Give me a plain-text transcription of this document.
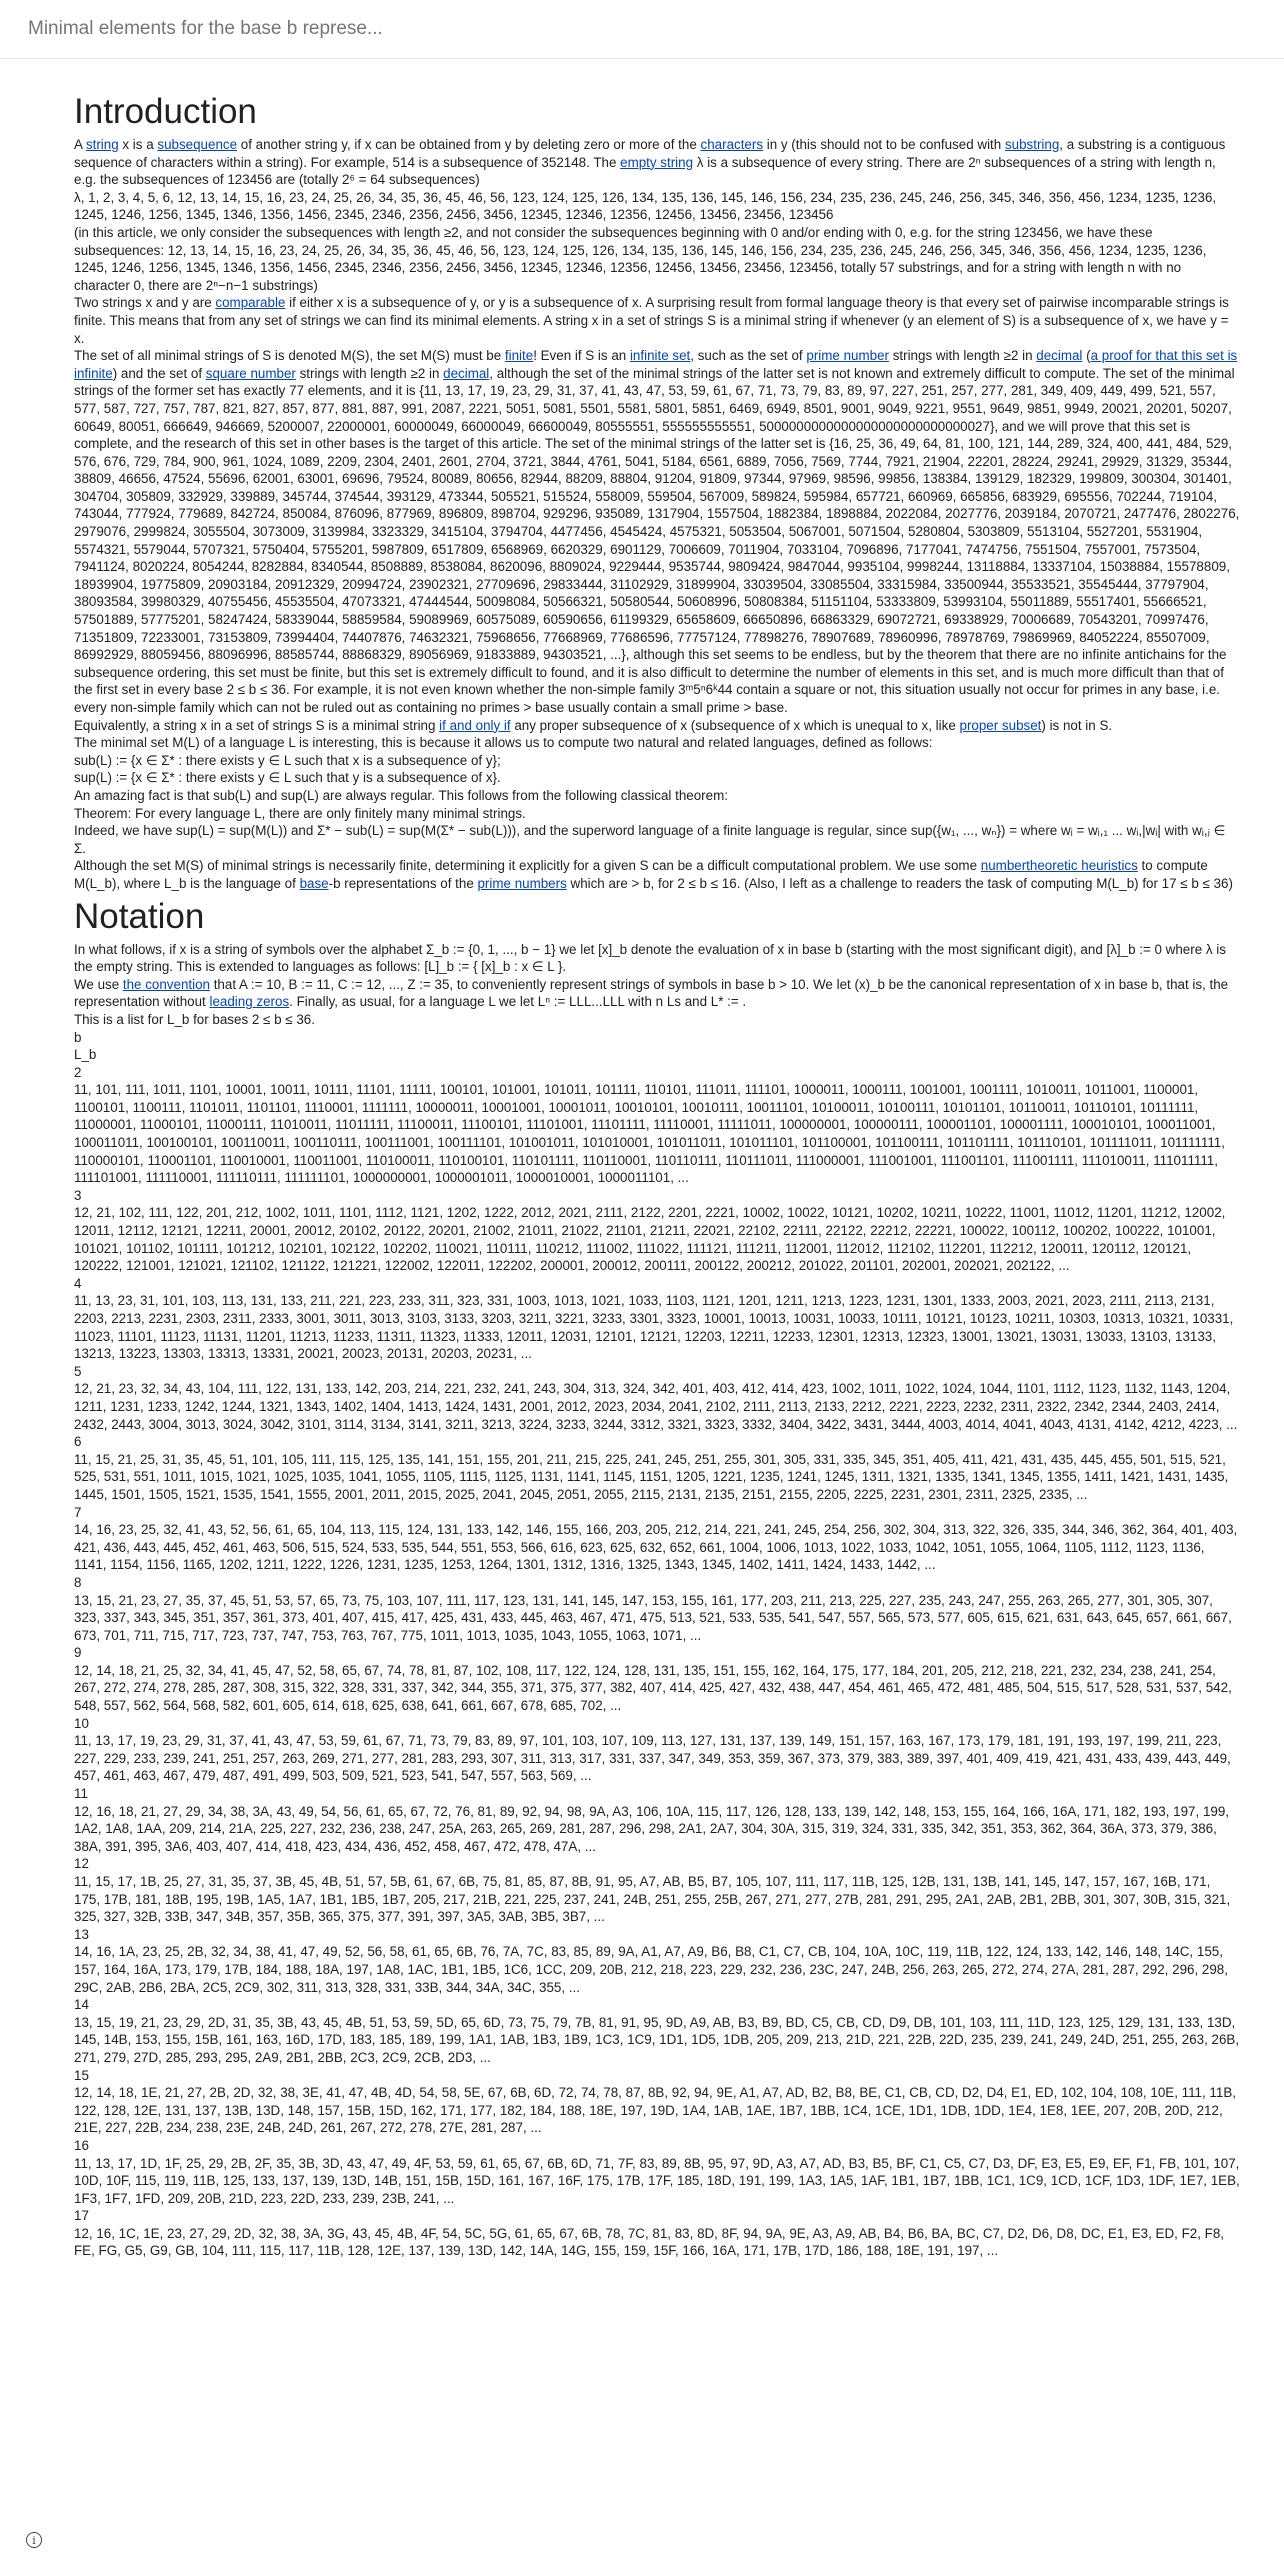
Minimal elements for the base b represe...
Introduction

A string x is a subsequence of another string y, if x can be obtained from y by deleting zero or more of the characters in y (this should not to be confused with substring, a substring is a contiguous sequence of characters within a string). For example, 514 is a subsequence of 352148. The empty string λ is a subsequence of every string. There are 2ⁿ subsequences of a string with length n, e.g. the subsequences of 123456 are (totally 2⁶ = 64 subsequences)

λ, 1, 2, 3, 4, 5, 6, 12, 13, 14, 15, 16, 23, 24, 25, 26, 34, 35, 36, 45, 46, 56, 123, 124, 125, 126, 134, 135, 136, 145, 146, 156, 234, 235, 236, 245, 246, 256, 345, 346, 356, 456, 1234, 1235, 1236, 1245, 1246, 1256, 1345, 1346, 1356, 1456, 2345, 2346, 2356, 2456, 3456, 12345, 12346, 12356, 12456, 13456, 23456, 123456

(in this article, we only consider the subsequences with length ≥2, and not consider the subsequences beginning with 0 and/or ending with 0, e.g. for the string 123456, we have these subsequences: 12, 13, 14, 15, 16, 23, 24, 25, 26, 34, 35, 36, 45, 46, 56, 123, 124, 125, 126, 134, 135, 136, 145, 146, 156, 234, 235, 236, 245, 246, 256, 345, 346, 356, 456, 1234, 1235, 1236, 1245, 1246, 1256, 1345, 1346, 1356, 1456, 2345, 2346, 2356, 2456, 3456, 12345, 12346, 12356, 12456, 13456, 23456, 123456, totally 57 substrings, and for a string with length n with no character 0, there are 2ⁿ−n−1 substrings)

Two strings x and y are comparable if either x is a subsequence of y, or y is a subsequence of x. A surprising result from formal language theory is that every set of pairwise incomparable strings is finite. This means that from any set of strings we can find its minimal elements. A string x in a set of strings S is a minimal string if whenever (y an element of S) is a subsequence of x, we have y = x.

The set of all minimal strings of S is denoted M(S), the set M(S) must be finite! Even if S is an infinite set, such as the set of prime number strings with length ≥2 in decimal (a proof for that this set is infinite) and the set of square number strings with length ≥2 in decimal, although the set of the minimal strings of the latter set is not known and extremely difficult to compute. The set of the minimal strings of the former set has exactly 77 elements, and it is {11, 13, 17, 19, 23, 29, 31, 37, 41, 43, 47, 53, 59, 61, 67, 71, 73, 79, 83, 89, 97, 227, 251, 257, 277, 281, 349, 409, 449, 499, 521, 557, 577, 587, 727, 757, 787, 821, 827, 857, 877, 881, 887, 991, 2087, 2221, 5051, 5081, 5501, 5581, 5801, 5851, 6469, 6949, 8501, 9001, 9049, 9221, 9551, 9649, 9851, 9949, 20021, 20201, 50207, 60649, 80051, 666649, 946669, 5200007, 22000001, 60000049, 66000049, 66600049, 80555551, 555555555551, 5000000000000000000000000000027}, and we will prove that this set is complete, and the research of this set in other bases is the target of this article. The set of the minimal strings of the latter set is {16, 25, 36, 49, 64, 81, 100, 121, 144, 289, 324, 400, 441, 484, 529, 576, 676, 729, 784, 900, 961, 1024, 1089, 2209, 2304, 2401, 2601, 2704, 3721, 3844, 4761, 5041, 5184, 6561, 6889, 7056, 7569, 7744, 7921, 21904, 22201, 28224, 29241, 29929, 31329, 35344, 38809, 46656, 47524, 55696, 62001, 63001, 69696, 79524, 80089, 80656, 82944, 88209, 88804, 91204, 91809, 97344, 97969, 98596, 99856, 138384, 139129, 182329, 199809, 300304, 301401, 304704, 305809, 332929, 339889, 345744, 374544, 393129, 473344, 505521, 515524, 558009, 559504, 567009, 589824, 595984, 657721, 660969, 665856, 683929, 695556, 702244, 719104, 743044, 777924, 779689, 842724, 850084, 876096, 877969, 896809, 898704, 929296, 935089, 1317904, 1557504, 1882384, 1898884, 2022084, 2027776, 2039184, 2070721, 2477476, 2802276, 2979076, 2999824, 3055504, 3073009, 3139984, 3323329, 3415104, 3794704, 4477456, 4545424, 4575321, 5053504, 5067001, 5071504, 5280804, 5303809, 5513104, 5527201, 5531904, 5574321, 5579044, 5707321, 5750404, 5755201, 5987809, 6517809, 6568969, 6620329, 6901129, 7006609, 7011904, 7033104, 7096896, 7177041, 7474756, 7551504, 7557001, 7573504, 7941124, 8020224, 8054244, 8282884, 8340544, 8508889, 8538084, 8620096, 8809024, 9229444, 9535744, 9809424, 9847044, 9935104, 9998244, 13118884, 13337104, 15038884, 15578809, 18939904, 19775809, 20903184, 20912329, 20994724, 23902321, 27709696, 29833444, 31102929, 31899904, 33039504, 33085504, 33315984, 33500944, 35533521, 35545444, 37797904, 38093584, 39980329, 40755456, 45535504, 47073321, 47444544, 50098084, 50566321, 50580544, 50608996, 50808384, 51151104, 53333809, 53993104, 55011889, 55517401, 55666521, 57501889, 57775201, 58247424, 58339044, 58859584, 59089969, 60575089, 60590656, 61199329, 65658609, 66650896, 66863329, 69072721, 69338929, 70006689, 70543201, 70997476, 71351809, 72233001, 73153809, 73994404, 74407876, 74632321, 75968656, 77668969, 77686596, 77757124, 77898276, 78907689, 78960996, 78978769, 79869969, 84052224, 85507009, 86992929, 88059456, 88096996, 88585744, 88868329, 89056969, 91833889, 94303521, ...}, although this set seems to be endless, but by the theorem that there are no infinite antichains for the subsequence ordering, this set must be finite, but this set is extremely difficult to found, and it is also difficult to determine the number of elements in this set, and is much more difficult than that of the first set in every base 2 ≤ b ≤ 36. For example, it is not even known whether the non-simple family 3ᵐ5ⁿ6ᵏ44 contain a square or not, this situation usually not occur for primes in any base, i.e. every non-simple family which can not be ruled out as containing no primes > base usually contain a small prime > base.

Equivalently, a string x in a set of strings S is a minimal string if and only if any proper subsequence of x (subsequence of x which is unequal to x, like proper subset) is not in S.

The minimal set M(L) of a language L is interesting, this is because it allows us to compute two natural and related languages, defined as follows:

sub(L) := {x ∈ Σ* : there exists y ∈ L such that x is a subsequence of y};

sup(L) := {x ∈ Σ* : there exists y ∈ L such that y is a subsequence of x}.

An amazing fact is that sub(L) and sup(L) are always regular. This follows from the following classical theorem:

Theorem: For every language L, there are only finitely many minimal strings.

Indeed, we have sup(L) = sup(M(L)) and Σ* − sub(L) = sup(M(Σ* − sub(L))), and the superword language of a finite language is regular, since sup({w₁, ..., wₙ}) = where wᵢ = wᵢ,₁ ... wᵢ,|wᵢ| with wᵢ,ⱼ ∈ Σ.

Although the set M(S) of minimal strings is necessarily finite, determining it explicitly for a given S can be a difficult computational problem. We use some numbertheoretic heuristics to compute M(L_b), where L_b is the language of base-b representations of the prime numbers which are > b, for 2 ≤ b ≤ 16. (Also, I left as a challenge to readers the task of computing M(L_b) for 17 ≤ b ≤ 36)

Notation

In what follows, if x is a string of symbols over the alphabet Σ_b := {0, 1, ..., b − 1} we let [x]_b denote the evaluation of x in base b (starting with the most significant digit), and [λ]_b := 0 where λ is the empty string. This is extended to languages as follows: [L]_b := { [x]_b : x ∈ L }.

We use the convention that A := 10, B := 11, C := 12, ..., Z := 35, to conveniently represent strings of symbols in base b > 10. We let (x)_b be the canonical representation of x in base b, that is, the representation without leading zeros. Finally, as usual, for a language L we let Lⁿ := LLL...LLL with n Ls and L* := .

This is a list for L_b for bases 2 ≤ b ≤ 36.

b
L_b
2
11, 101, 111, 1011, 1101, 10001, 10011, 10111, 11101, 11111, 100101, 101001, 101011, 101111, 110101, 111011, 111101, 1000011, 1000111, 1001001, 1001111, 1010011, 1011001, 1100001, 1100101, 1100111, 1101011, 1101101, 1110001, 1111111, 10000011, 10001001, 10001011, 10010101, 10010111, 10011101, 10100011, 10100111, 10101101, 10110011, 10110101, 10111111, 11000001, 11000101, 11000111, 11010011, 11011111, 11100011, 11100101, 11101001, 11101111, 11110001, 11111011, 100000001, 100000111, 100001101, 100001111, 100010101, 100011001, 100011011, 100100101, 100110011, 100110111, 100111001, 100111101, 101001011, 101010001, 101011011, 101011101, 101100001, 101100111, 101101111, 101110101, 101111011, 101111111, 110000101, 110001101, 110010001, 110011001, 110100011, 110100101, 110101111, 110110001, 110110111, 110111011, 111000001, 111001001, 111001101, 111001111, 111010011, 111011111, 111101001, 111110001, 111110111, 111111101, 1000000001, 1000001011, 1000010001, 1000011101, ...
3
12, 21, 102, 111, 122, 201, 212, 1002, 1011, 1101, 1112, 1121, 1202, 1222, 2012, 2021, 2111, 2122, 2201, 2221, 10002, 10022, 10121, 10202, 10211, 10222, 11001, 11012, 11201, 11212, 12002, 12011, 12112, 12121, 12211, 20001, 20012, 20102, 20122, 20201, 21002, 21011, 21022, 21101, 21211, 22021, 22102, 22111, 22122, 22212, 22221, 100022, 100112, 100202, 100222, 101001, 101021, 101102, 101111, 101212, 102101, 102122, 102202, 110021, 110111, 110212, 111002, 111022, 111121, 111211, 112001, 112012, 112102, 112201, 112212, 120011, 120112, 120121, 120222, 121001, 121021, 121102, 121122, 121221, 122002, 122011, 122202, 200001, 200012, 200111, 200122, 200212, 201022, 201101, 202001, 202021, 202122, ...
4
11, 13, 23, 31, 101, 103, 113, 131, 133, 211, 221, 223, 233, 311, 323, 331, 1003, 1013, 1021, 1033, 1103, 1121, 1201, 1211, 1213, 1223, 1231, 1301, 1333, 2003, 2021, 2023, 2111, 2113, 2131, 2203, 2213, 2231, 2303, 2311, 2333, 3001, 3011, 3013, 3103, 3133, 3203, 3211, 3221, 3233, 3301, 3323, 10001, 10013, 10031, 10033, 10111, 10121, 10123, 10211, 10303, 10313, 10321, 10331, 11023, 11101, 11123, 11131, 11201, 11213, 11233, 11311, 11323, 11333, 12011, 12031, 12101, 12121, 12203, 12211, 12233, 12301, 12313, 12323, 13001, 13021, 13031, 13033, 13103, 13133, 13213, 13223, 13303, 13313, 13331, 20021, 20023, 20131, 20203, 20231, ...
5
12, 21, 23, 32, 34, 43, 104, 111, 122, 131, 133, 142, 203, 214, 221, 232, 241, 243, 304, 313, 324, 342, 401, 403, 412, 414, 423, 1002, 1011, 1022, 1024, 1044, 1101, 1112, 1123, 1132, 1143, 1204, 1211, 1231, 1233, 1242, 1244, 1321, 1343, 1402, 1404, 1413, 1424, 1431, 2001, 2012, 2023, 2034, 2041, 2102, 2111, 2113, 2133, 2212, 2221, 2223, 2232, 2311, 2322, 2342, 2344, 2403, 2414, 2432, 2443, 3004, 3013, 3024, 3042, 3101, 3114, 3134, 3141, 3211, 3213, 3224, 3233, 3244, 3312, 3321, 3323, 3332, 3404, 3422, 3431, 3444, 4003, 4014, 4041, 4043, 4131, 4142, 4212, 4223, ...
6
11, 15, 21, 25, 31, 35, 45, 51, 101, 105, 111, 115, 125, 135, 141, 151, 155, 201, 211, 215, 225, 241, 245, 251, 255, 301, 305, 331, 335, 345, 351, 405, 411, 421, 431, 435, 445, 455, 501, 515, 521, 525, 531, 551, 1011, 1015, 1021, 1025, 1035, 1041, 1055, 1105, 1115, 1125, 1131, 1141, 1145, 1151, 1205, 1221, 1235, 1241, 1245, 1311, 1321, 1335, 1341, 1345, 1355, 1411, 1421, 1431, 1435, 1445, 1501, 1505, 1521, 1535, 1541, 1555, 2001, 2011, 2015, 2025, 2041, 2045, 2051, 2055, 2115, 2131, 2135, 2151, 2155, 2205, 2225, 2231, 2301, 2311, 2325, 2335, ...
7
14, 16, 23, 25, 32, 41, 43, 52, 56, 61, 65, 104, 113, 115, 124, 131, 133, 142, 146, 155, 166, 203, 205, 212, 214, 221, 241, 245, 254, 256, 302, 304, 313, 322, 326, 335, 344, 346, 362, 364, 401, 403, 421, 436, 443, 445, 452, 461, 463, 506, 515, 524, 533, 535, 544, 551, 553, 566, 616, 623, 625, 632, 652, 661, 1004, 1006, 1013, 1022, 1033, 1042, 1051, 1055, 1064, 1105, 1112, 1123, 1136, 1141, 1154, 1156, 1165, 1202, 1211, 1222, 1226, 1231, 1235, 1253, 1264, 1301, 1312, 1316, 1325, 1343, 1345, 1402, 1411, 1424, 1433, 1442, ...
8
13, 15, 21, 23, 27, 35, 37, 45, 51, 53, 57, 65, 73, 75, 103, 107, 111, 117, 123, 131, 141, 145, 147, 153, 155, 161, 177, 203, 211, 213, 225, 227, 235, 243, 247, 255, 263, 265, 277, 301, 305, 307, 323, 337, 343, 345, 351, 357, 361, 373, 401, 407, 415, 417, 425, 431, 433, 445, 463, 467, 471, 475, 513, 521, 533, 535, 541, 547, 557, 565, 573, 577, 605, 615, 621, 631, 643, 645, 657, 661, 667, 673, 701, 711, 715, 717, 723, 737, 747, 753, 763, 767, 775, 1011, 1013, 1035, 1043, 1055, 1063, 1071, ...
9
12, 14, 18, 21, 25, 32, 34, 41, 45, 47, 52, 58, 65, 67, 74, 78, 81, 87, 102, 108, 117, 122, 124, 128, 131, 135, 151, 155, 162, 164, 175, 177, 184, 201, 205, 212, 218, 221, 232, 234, 238, 241, 254, 267, 272, 274, 278, 285, 287, 308, 315, 322, 328, 331, 337, 342, 344, 355, 371, 375, 377, 382, 407, 414, 425, 427, 432, 438, 447, 454, 461, 465, 472, 481, 485, 504, 515, 517, 528, 531, 537, 542, 548, 557, 562, 564, 568, 582, 601, 605, 614, 618, 625, 638, 641, 661, 667, 678, 685, 702, ...
10
11, 13, 17, 19, 23, 29, 31, 37, 41, 43, 47, 53, 59, 61, 67, 71, 73, 79, 83, 89, 97, 101, 103, 107, 109, 113, 127, 131, 137, 139, 149, 151, 157, 163, 167, 173, 179, 181, 191, 193, 197, 199, 211, 223, 227, 229, 233, 239, 241, 251, 257, 263, 269, 271, 277, 281, 283, 293, 307, 311, 313, 317, 331, 337, 347, 349, 353, 359, 367, 373, 379, 383, 389, 397, 401, 409, 419, 421, 431, 433, 439, 443, 449, 457, 461, 463, 467, 479, 487, 491, 499, 503, 509, 521, 523, 541, 547, 557, 563, 569, ...
11
12, 16, 18, 21, 27, 29, 34, 38, 3A, 43, 49, 54, 56, 61, 65, 67, 72, 76, 81, 89, 92, 94, 98, 9A, A3, 106, 10A, 115, 117, 126, 128, 133, 139, 142, 148, 153, 155, 164, 166, 16A, 171, 182, 193, 197, 199, 1A2, 1A8, 1AA, 209, 214, 21A, 225, 227, 232, 236, 238, 247, 25A, 263, 265, 269, 281, 287, 296, 298, 2A1, 2A7, 304, 30A, 315, 319, 324, 331, 335, 342, 351, 353, 362, 364, 36A, 373, 379, 386, 38A, 391, 395, 3A6, 403, 407, 414, 418, 423, 434, 436, 452, 458, 467, 472, 478, 47A, ...
12
11, 15, 17, 1B, 25, 27, 31, 35, 37, 3B, 45, 4B, 51, 57, 5B, 61, 67, 6B, 75, 81, 85, 87, 8B, 91, 95, A7, AB, B5, B7, 105, 107, 111, 117, 11B, 125, 12B, 131, 13B, 141, 145, 147, 157, 167, 16B, 171, 175, 17B, 181, 18B, 195, 19B, 1A5, 1A7, 1B1, 1B5, 1B7, 205, 217, 21B, 221, 225, 237, 241, 24B, 251, 255, 25B, 267, 271, 277, 27B, 281, 291, 295, 2A1, 2AB, 2B1, 2BB, 301, 307, 30B, 315, 321, 325, 327, 32B, 33B, 347, 34B, 357, 35B, 365, 375, 377, 391, 397, 3A5, 3AB, 3B5, 3B7, ...
13
14, 16, 1A, 23, 25, 2B, 32, 34, 38, 41, 47, 49, 52, 56, 58, 61, 65, 6B, 76, 7A, 7C, 83, 85, 89, 9A, A1, A7, A9, B6, B8, C1, C7, CB, 104, 10A, 10C, 119, 11B, 122, 124, 133, 142, 146, 148, 14C, 155, 157, 164, 16A, 173, 179, 17B, 184, 188, 18A, 197, 1A8, 1AC, 1B1, 1B5, 1C6, 1CC, 209, 20B, 212, 218, 223, 229, 232, 236, 23C, 247, 24B, 256, 263, 265, 272, 274, 27A, 281, 287, 292, 296, 298, 29C, 2AB, 2B6, 2BA, 2C5, 2C9, 302, 311, 313, 328, 331, 33B, 344, 34A, 34C, 355, ...
14
13, 15, 19, 21, 23, 29, 2D, 31, 35, 3B, 43, 45, 4B, 51, 53, 59, 5D, 65, 6D, 73, 75, 79, 7B, 81, 91, 95, 9D, A9, AB, B3, B9, BD, C5, CB, CD, D9, DB, 101, 103, 111, 11D, 123, 125, 129, 131, 133, 13D, 145, 14B, 153, 155, 15B, 161, 163, 16D, 17D, 183, 185, 189, 199, 1A1, 1AB, 1B3, 1B9, 1C3, 1C9, 1D1, 1D5, 1DB, 205, 209, 213, 21D, 221, 22B, 22D, 235, 239, 241, 249, 24D, 251, 255, 263, 26B, 271, 279, 27D, 285, 293, 295, 2A9, 2B1, 2BB, 2C3, 2C9, 2CB, 2D3, ...
15
12, 14, 18, 1E, 21, 27, 2B, 2D, 32, 38, 3E, 41, 47, 4B, 4D, 54, 58, 5E, 67, 6B, 6D, 72, 74, 78, 87, 8B, 92, 94, 9E, A1, A7, AD, B2, B8, BE, C1, CB, CD, D2, D4, E1, ED, 102, 104, 108, 10E, 111, 11B, 122, 128, 12E, 131, 137, 13B, 13D, 148, 157, 15B, 15D, 162, 171, 177, 182, 184, 188, 18E, 197, 19D, 1A4, 1AB, 1AE, 1B7, 1BB, 1C4, 1CE, 1D1, 1DB, 1DD, 1E4, 1E8, 1EE, 207, 20B, 20D, 212, 21E, 227, 22B, 234, 238, 23E, 24B, 24D, 261, 267, 272, 278, 27E, 281, 287, ...
16
11, 13, 17, 1D, 1F, 25, 29, 2B, 2F, 35, 3B, 3D, 43, 47, 49, 4F, 53, 59, 61, 65, 67, 6B, 6D, 71, 7F, 83, 89, 8B, 95, 97, 9D, A3, A7, AD, B3, B5, BF, C1, C5, C7, D3, DF, E3, E5, E9, EF, F1, FB, 101, 107, 10D, 10F, 115, 119, 11B, 125, 133, 137, 139, 13D, 14B, 151, 15B, 15D, 161, 167, 16F, 175, 17B, 17F, 185, 18D, 191, 199, 1A3, 1A5, 1AF, 1B1, 1B7, 1BB, 1C1, 1C9, 1CD, 1CF, 1D3, 1DF, 1E7, 1EB, 1F3, 1F7, 1FD, 209, 20B, 21D, 223, 22D, 233, 239, 23B, 241, ...
17
12, 16, 1C, 1E, 23, 27, 29, 2D, 32, 38, 3A, 3G, 43, 45, 4B, 4F, 54, 5C, 5G, 61, 65, 67, 6B, 78, 7C, 81, 83, 8D, 8F, 94, 9A, 9E, A3, A9, AB, B4, B6, BA, BC, C7, D2, D6, D8, DC, E1, E3, ED, F2, F8, FE, FG, G5, G9, GB, 104, 111, 115, 117, 11B, 128, 12E, 137, 139, 13D, 142, 14A, 14G, 155, 159, 15F, 166, 16A, 171, 17B, 17D, 186, 188, 18E, 191, 197, ...
i
